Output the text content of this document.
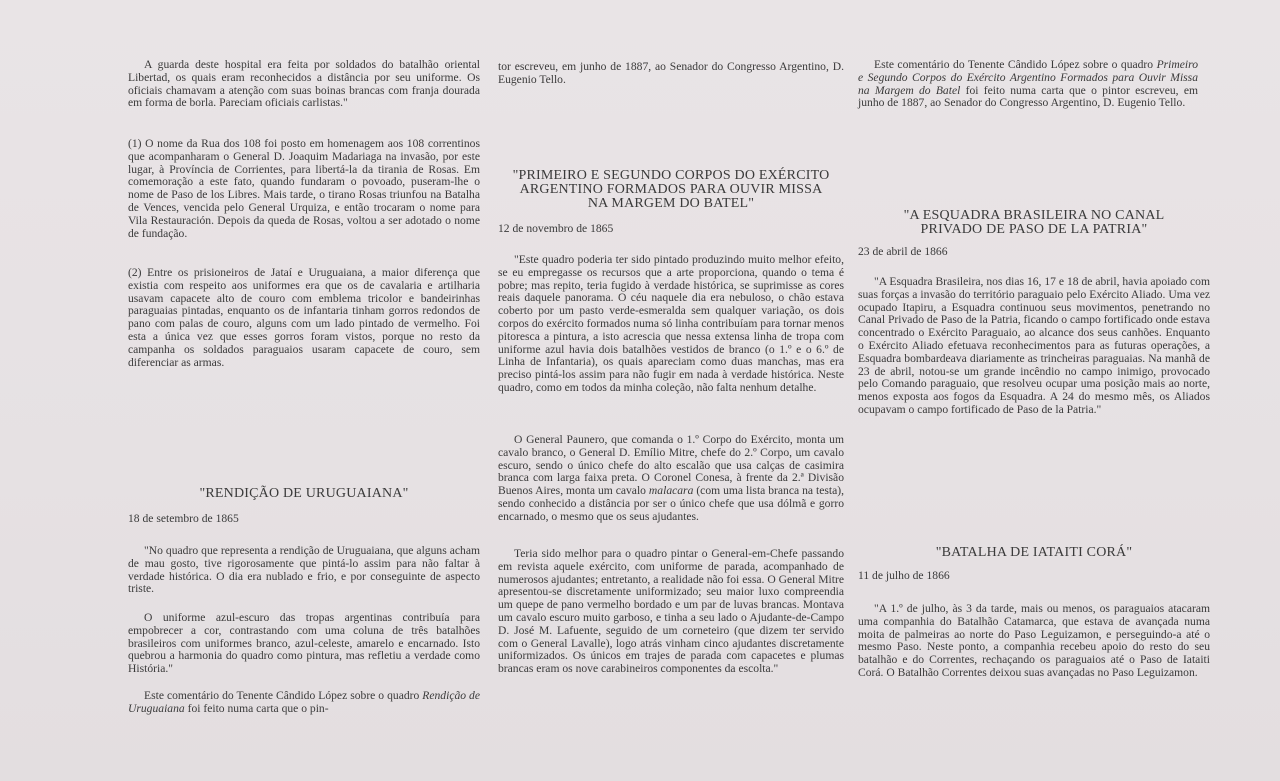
A guarda deste hospital era feita por soldados do batalhão oriental Libertad, os quais eram reconhecidos a distância por seu uniforme. Os oficiais chamavam a atenção com suas boinas brancas com franja dourada em forma de borla. Pareciam oficiais carlistas."

(1) O nome da Rua dos 108 foi posto em homenagem aos 108 correntinos que acompanharam o General D. Joaquim Madariaga na invasão, por este lugar, à Província de Corrientes, para libertá-la da tirania de Rosas. Em comemoração a este fato, quando fundaram o povoado, puseram-lhe o nome de Paso de los Libres. Mais tarde, o tirano Rosas triunfou na Batalha de Vences, vencida pelo General Urquiza, e então trocaram o nome para Vila Restauración. Depois da queda de Rosas, voltou a ser adotado o nome de fundação.

(2) Entre os prisioneiros de Jataí e Uruguaiana, a maior diferença que existia com respeito aos uniformes era que os de cavalaria e artilharia usavam capacete alto de couro com emblema tricolor e bandeirinhas paraguaias pintadas, enquanto os de infantaria tinham gorros redondos de pano com palas de couro, alguns com um lado pintado de vermelho. Foi esta a única vez que esses gorros foram vistos, porque no resto da campanha os soldados paraguaios usaram capacete de couro, sem diferenciar as armas.

"RENDIÇÃO DE URUGUAIANA"

18 de setembro de 1865

"No quadro que representa a rendição de Uruguaiana, que alguns acham de mau gosto, tive rigorosamente que pintá-lo assim para não faltar à verdade histórica. O dia era nublado e frio, e por conseguinte de aspecto triste.

O uniforme azul-escuro das tropas argentinas contribuía para empobrecer a cor, contrastando com uma coluna de três batalhões brasileiros com uniformes branco, azul-celeste, amarelo e encarnado. Isto quebrou a harmonia do quadro como pintura, mas refletiu a verdade como História."

Este comentário do Tenente Cândido López sobre o quadro Rendição de Uruguaiana foi feito numa carta que o pin-

tor escreveu, em junho de 1887, ao Senador do Congresso Argentino, D. Eugenio Tello.

"PRIMEIRO E SEGUNDO CORPOS DO EXÉRCITO
ARGENTINO FORMADOS PARA OUVIR MISSA
NA MARGEM DO BATEL"

12 de novembro de 1865

"Este quadro poderia ter sido pintado produzindo muito melhor efeito, se eu empregasse os recursos que a arte proporciona, quando o tema é pobre; mas repito, teria fugido à verdade histórica, se suprimisse as cores reais daquele panorama. O céu naquele dia era nebuloso, o chão estava coberto por um pasto verde-esmeralda sem qualquer variação, os dois corpos do exército formados numa só linha contribuíam para tornar menos pitoresca a pintura, a isto acrescia que nessa extensa linha de tropa com uniforme azul havia dois batalhões vestidos de branco (o 1.º e o 6.º de Linha de Infantaria), os quais apareciam como duas manchas, mas era preciso pintá-los assim para não fugir em nada à verdade histórica. Neste quadro, como em todos da minha coleção, não falta nenhum detalhe.

O General Paunero, que comanda o 1.º Corpo do Exército, monta um cavalo branco, o General D. Emílio Mitre, chefe do 2.º Corpo, um cavalo escuro, sendo o único chefe do alto escalão que usa calças de casimira branca com larga faixa preta. O Coronel Conesa, à frente da 2.ª Divisão Buenos Aires, monta um cavalo malacara (com uma lista branca na testa), sendo conhecido a distância por ser o único chefe que usa dólmã e gorro encarnado, o mesmo que os seus ajudantes.

Teria sido melhor para o quadro pintar o General-em-Chefe passando em revista aquele exército, com uniforme de parada, acompanhado de numerosos ajudantes; entretanto, a realidade não foi essa. O General Mitre apresentou-se discretamente uniformizado; seu maior luxo compreendia um quepe de pano vermelho bordado e um par de luvas brancas. Montava um cavalo escuro muito garboso, e tinha a seu lado o Ajudante-de-Campo D. José M. Lafuente, seguido de um corneteiro (que dizem ter servido com o General Lavalle), logo atrás vinham cinco ajudantes discretamente uniformizados. Os únicos em trajes de parada com capacetes e plumas brancas eram os nove carabineiros componentes da escolta."

Este comentário do Tenente Cândido López sobre o quadro Primeiro e Segundo Corpos do Exército Argentino Formados para Ouvir Missa na Margem do Batel foi feito numa carta que o pintor escreveu, em junho de 1887, ao Senador do Congresso Argentino, D. Eugenio Tello.

"A ESQUADRA BRASILEIRA NO CANAL
PRIVADO DE PASO DE LA PATRIA"

23 de abril de 1866

"A Esquadra Brasileira, nos dias 16, 17 e 18 de abril, havia apoiado com suas forças a invasão do território paraguaio pelo Exército Aliado. Uma vez ocupado Itapiru, a Esquadra continuou seus movimentos, penetrando no Canal Privado de Paso de la Patria, ficando o campo fortificado onde estava concentrado o Exército Paraguaio, ao alcance dos seus canhões. Enquanto o Exército Aliado efetuava reconhecimentos para as futuras operações, a Esquadra bombardeava diariamente as trincheiras paraguaias. Na manhã de 23 de abril, notou-se um grande incêndio no campo inimigo, provocado pelo Comando paraguaio, que resolveu ocupar uma posição mais ao norte, menos exposta aos fogos da Esquadra. A 24 do mesmo mês, os Aliados ocupavam o campo fortificado de Paso de la Patria."

"BATALHA DE IATAITI CORÁ"

11 de julho de 1866

"A 1.º de julho, às 3 da tarde, mais ou menos, os paraguaios atacaram uma companhia do Batalhão Catamarca, que estava de avançada numa moita de palmeiras ao norte do Paso Leguizamon, e perseguindo-a até o mesmo Paso. Neste ponto, a companhia recebeu apoio do resto do seu batalhão e do Correntes, rechaçando os paraguaios até o Paso de Iataiti Corá. O Batalhão Correntes deixou suas avançadas no Paso Leguizamon.
